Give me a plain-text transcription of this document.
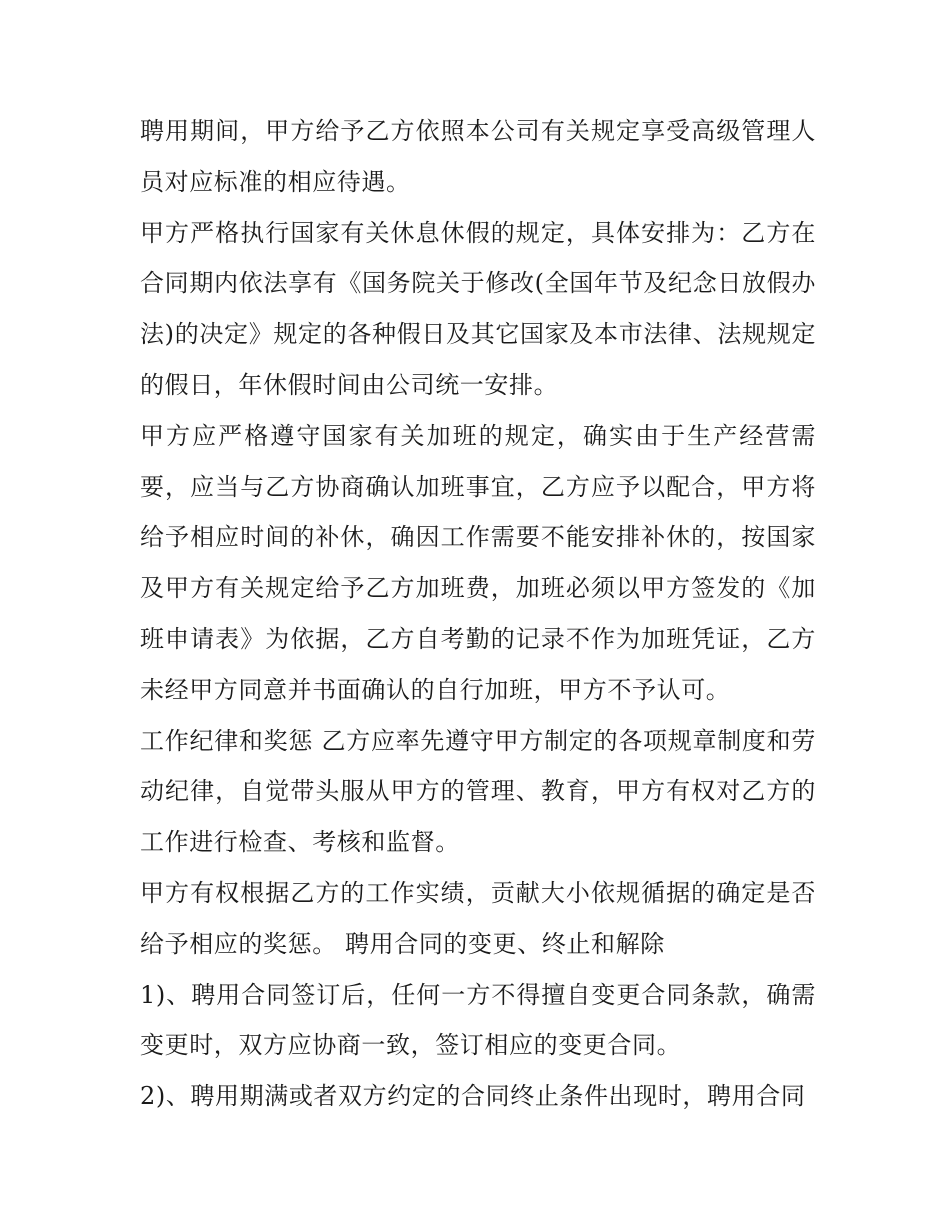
聘用期间，甲方给予乙方依照本公司有关规定享受高级管理人员对应标准的相应待遇。

甲方严格执行国家有关休息休假的规定，具体安排为：乙方在合同期内依法享有《国务院关于修改(全国年节及纪念日放假办法)的决定》规定的各种假日及其它国家及本市法律、法规规定的假日，年休假时间由公司统一安排。

甲方应严格遵守国家有关加班的规定，确实由于生产经营需要，应当与乙方协商确认加班事宜，乙方应予以配合，甲方将给予相应时间的补休，确因工作需要不能安排补休的，按国家及甲方有关规定给予乙方加班费，加班必须以甲方签发的《加班申请表》为依据，乙方自考勤的记录不作为加班凭证，乙方未经甲方同意并书面确认的自行加班，甲方不予认可。

工作纪律和奖惩 乙方应率先遵守甲方制定的各项规章制度和劳动纪律，自觉带头服从甲方的管理、教育，甲方有权对乙方的工作进行检查、考核和监督。

甲方有权根据乙方的工作实绩，贡献大小依规循据的确定是否给予相应的奖惩。 聘用合同的变更、终止和解除

1)、聘用合同签订后，任何一方不得擅自变更合同条款，确需变更时，双方应协商一致，签订相应的变更合同。

2)、聘用期满或者双方约定的合同终止条件出现时，聘用合同
